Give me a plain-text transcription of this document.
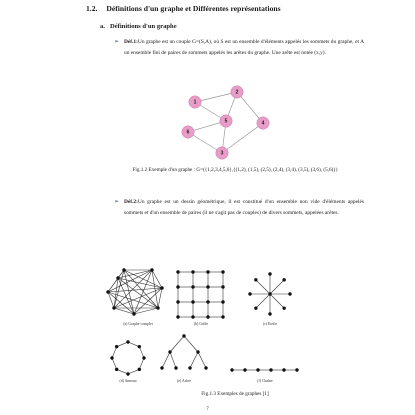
1.2. Définitions d'un graphe et Différentes représentations
a. Définitions d'un graphe
➢ Déf.1:Un graphe est un couple G=(S,A), où S est un ensemble d'éléments appelés les sommets du graphe, et A un ensemble fini de paires de sommets appelés les arêtes du graphe. Une arête est notée (x,y).
1
2
3
4
5
6
Fig.1.2 Exemple d'un graphe : G=({1,2,3,4,5,6},{(1,2), (1,5), (2,5), (2,4), (3,4), (3,5), (3,6), (5,6)})
➢ Déf.2:Un graphe est un dessin géométrique, il est constitué d'un ensemble non vide d'éléments appelés sommets et d'un ensemble de paires (il ne s'agit pas de couples) de divers sommets, appelées arêtes.
(a) Graphe complet	(b) Grille	(c) Etoile
(d) Anneau	(e) Arbre	(f) Chaîne
Fig.1.3 Exemples de graphes [1]
7
